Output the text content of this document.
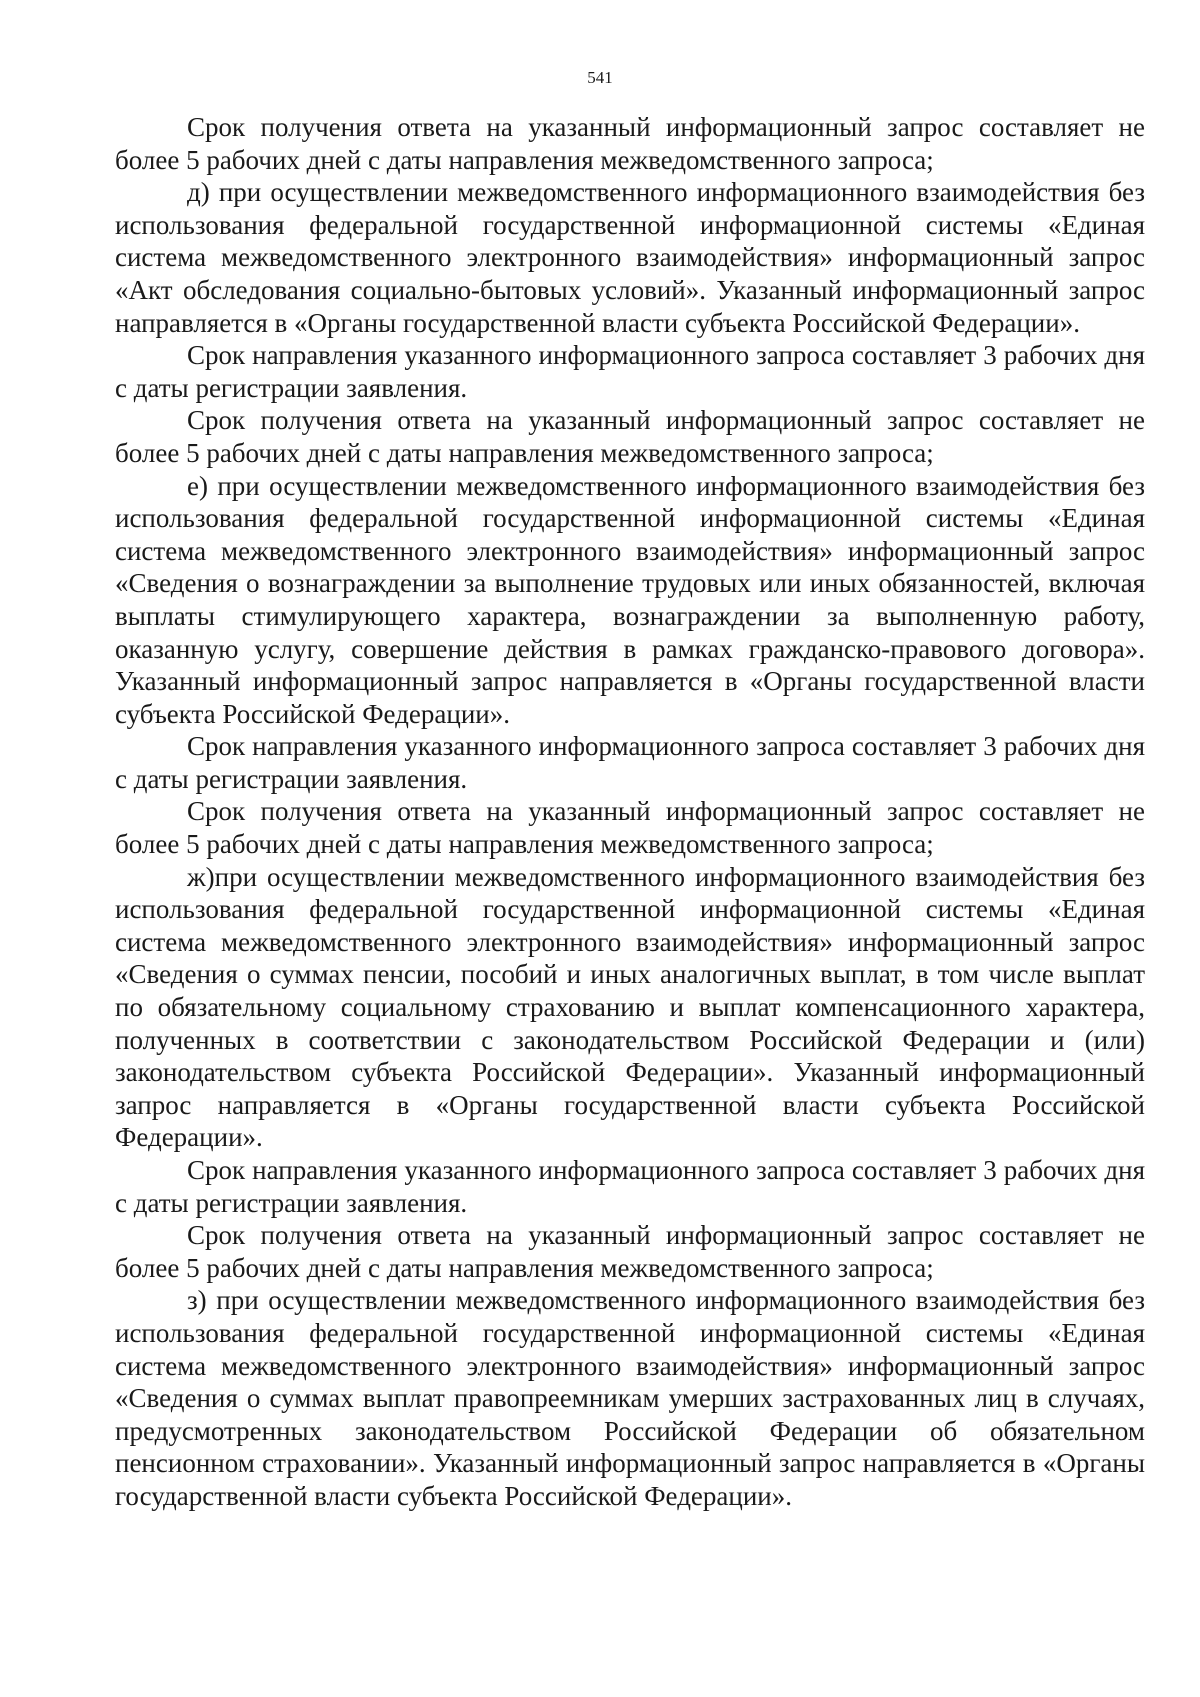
541

Срок получения ответа на указанный информационный запрос составляет не более 5 рабочих дней с даты направления межведомственного запроса;

д) при осуществлении межведомственного информационного взаимодействия без использования федеральной государственной информационной системы «Единая система межведомственного электронного взаимодействия» информационный запрос «Акт обследования социально-бытовых условий». Указанный информационный запрос направляется в «Органы государственной власти субъекта Российской Федерации».

Срок направления указанного информационного запроса составляет 3 рабочих дня с даты регистрации заявления.

Срок получения ответа на указанный информационный запрос составляет не более 5 рабочих дней с даты направления межведомственного запроса;

е) при осуществлении межведомственного информационного взаимодействия без использования федеральной государственной информационной системы «Единая система межведомственного электронного взаимодействия» информационный запрос «Сведения о вознаграждении за выполнение трудовых или иных обязанностей, включая выплаты стимулирующего характера, вознаграждении за выполненную работу, оказанную услугу, совершение действия в рамках гражданско-правового договора». Указанный информационный запрос направляется в «Органы государственной власти субъекта Российской Федерации».

Срок направления указанного информационного запроса составляет 3 рабочих дня с даты регистрации заявления.

Срок получения ответа на указанный информационный запрос составляет не более 5 рабочих дней с даты направления межведомственного запроса;

ж)при осуществлении межведомственного информационного взаимодействия без использования федеральной государственной информационной системы «Единая система межведомственного электронного взаимодействия» информационный запрос «Сведения о суммах пенсии, пособий и иных аналогичных выплат, в том числе выплат по обязательному социальному страхованию и выплат компенсационного характера, полученных в соответствии с законодательством Российской Федерации и (или) законодательством субъекта Российской Федерации». Указанный информационный запрос направляется в «Органы государственной власти субъекта Российской Федерации».

Срок направления указанного информационного запроса составляет 3 рабочих дня с даты регистрации заявления.

Срок получения ответа на указанный информационный запрос составляет не более 5 рабочих дней с даты направления межведомственного запроса;

з) при осуществлении межведомственного информационного взаимодействия без использования федеральной государственной информационной системы «Единая система межведомственного электронного взаимодействия» информационный запрос «Сведения о суммах выплат правопреемникам умерших застрахованных лиц в случаях, предусмотренных законодательством Российской Федерации об обязательном пенсионном страховании». Указанный информационный запрос направляется в «Органы государственной власти субъекта Российской Федерации».
